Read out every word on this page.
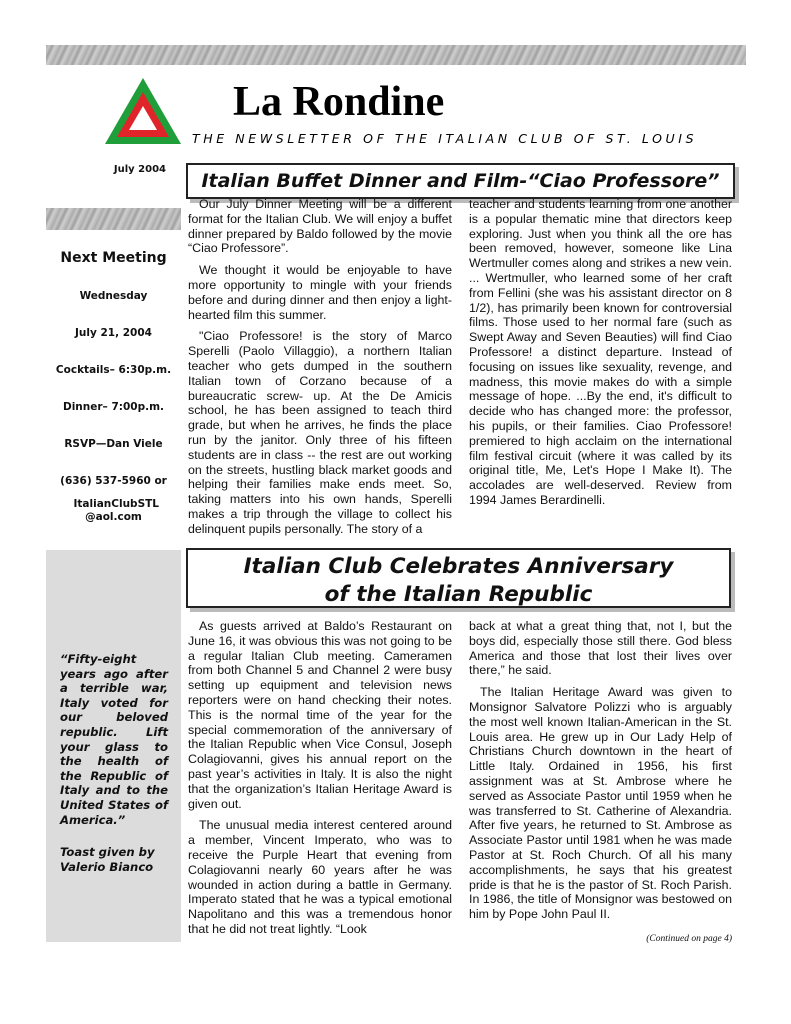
La Rondine
THE NEWSLETTER OF THE ITALIAN CLUB OF ST. LOUIS
July 2004
Italian Buffet Dinner and Film-“Ciao Professore”
Next Meeting
Wednesday
July 21, 2004
Cocktails– 6:30p.m.
Dinner– 7:00p.m.
RSVP—Dan Viele
(636) 537-5960 or
ItalianClubSTL @aol.com

Our July Dinner Meeting will be a different format for the Italian Club. We will enjoy a buffet dinner prepared by Baldo followed by the movie “Ciao Professore”.

We thought it would be enjoyable to have more opportunity to mingle with your friends before and during dinner and then enjoy a light-hearted film this summer.

"Ciao Professore! is the story of Marco Sperelli (Paolo Villaggio), a northern Italian teacher who gets dumped in the southern Italian town of Corzano because of a bureaucratic screw- up. At the De Amicis school, he has been assigned to teach third grade, but when he arrives, he finds the place run by the janitor. Only three of his fifteen students are in class -- the rest are out working on the streets, hustling black market goods and helping their families make ends meet. So, taking matters into his own hands, Sperelli makes a trip through the village to collect his delinquent pupils personally. The story of a

teacher and students learning from one another is a popular thematic mine that directors keep exploring. Just when you think all the ore has been removed, however, someone like Lina Wertmuller comes along and strikes a new vein. ... Wertmuller, who learned some of her craft from Fellini (she was his assistant director on 8 1/2), has primarily been known for controversial films. Those used to her normal fare (such as Swept Away and Seven Beauties) will find Ciao Professore! a distinct departure. Instead of focusing on issues like sexuality, revenge, and madness, this movie makes do with a simple message of hope. ...By the end, it's difficult to decide who has changed more: the professor, his pupils, or their families. Ciao Professore! premiered to high acclaim on the international film festival circuit (where it was called by its original title, Me, Let's Hope I Make It). The accolades are well-deserved. Review from 1994 James Berardinelli.

“Fifty-eight years ago after a terrible war, Italy voted for our beloved republic. Lift your glass to the health of the Republic of Italy and to the United States of America.”
Toast given by Valerio Bianco
Italian Club Celebrates Anniversary
of the Italian Republic

As guests arrived at Baldo’s Restaurant on June 16, it was obvious this was not going to be a regular Italian Club meeting. Cameramen from both Channel 5 and Channel 2 were busy setting up equipment and television news reporters were on hand checking their notes. This is the normal time of the year for the special commemoration of the anniversary of the Italian Republic when Vice Consul, Joseph Colagiovanni, gives his annual report on the past year’s activities in Italy. It is also the night that the organization’s Italian Heritage Award is given out.

The unusual media interest centered around a member, Vincent Imperato, who was to receive the Purple Heart that evening from Colagiovanni nearly 60 years after he was wounded in action during a battle in Germany. Imperato stated that he was a typical emotional Napolitano and this was a tremendous honor that he did not treat lightly. “Look

back at what a great thing that, not I, but the boys did, especially those still there. God bless America and those that lost their lives over there,” he said.

The Italian Heritage Award was given to Monsignor Salvatore Polizzi who is arguably the most well known Italian-American in the St. Louis area. He grew up in Our Lady Help of Christians Church downtown in the heart of Little Italy. Ordained in 1956, his first assignment was at St. Ambrose where he served as Associate Pastor until 1959 when he was transferred to St. Catherine of Alexandria. After five years, he returned to St. Ambrose as Associate Pastor until 1981 when he was made Pastor at St. Roch Church. Of all his many accomplishments, he says that his greatest pride is that he is the pastor of St. Roch Parish. In 1986, the title of Monsignor was bestowed on him by Pope John Paul II.

(Continued on page 4)
